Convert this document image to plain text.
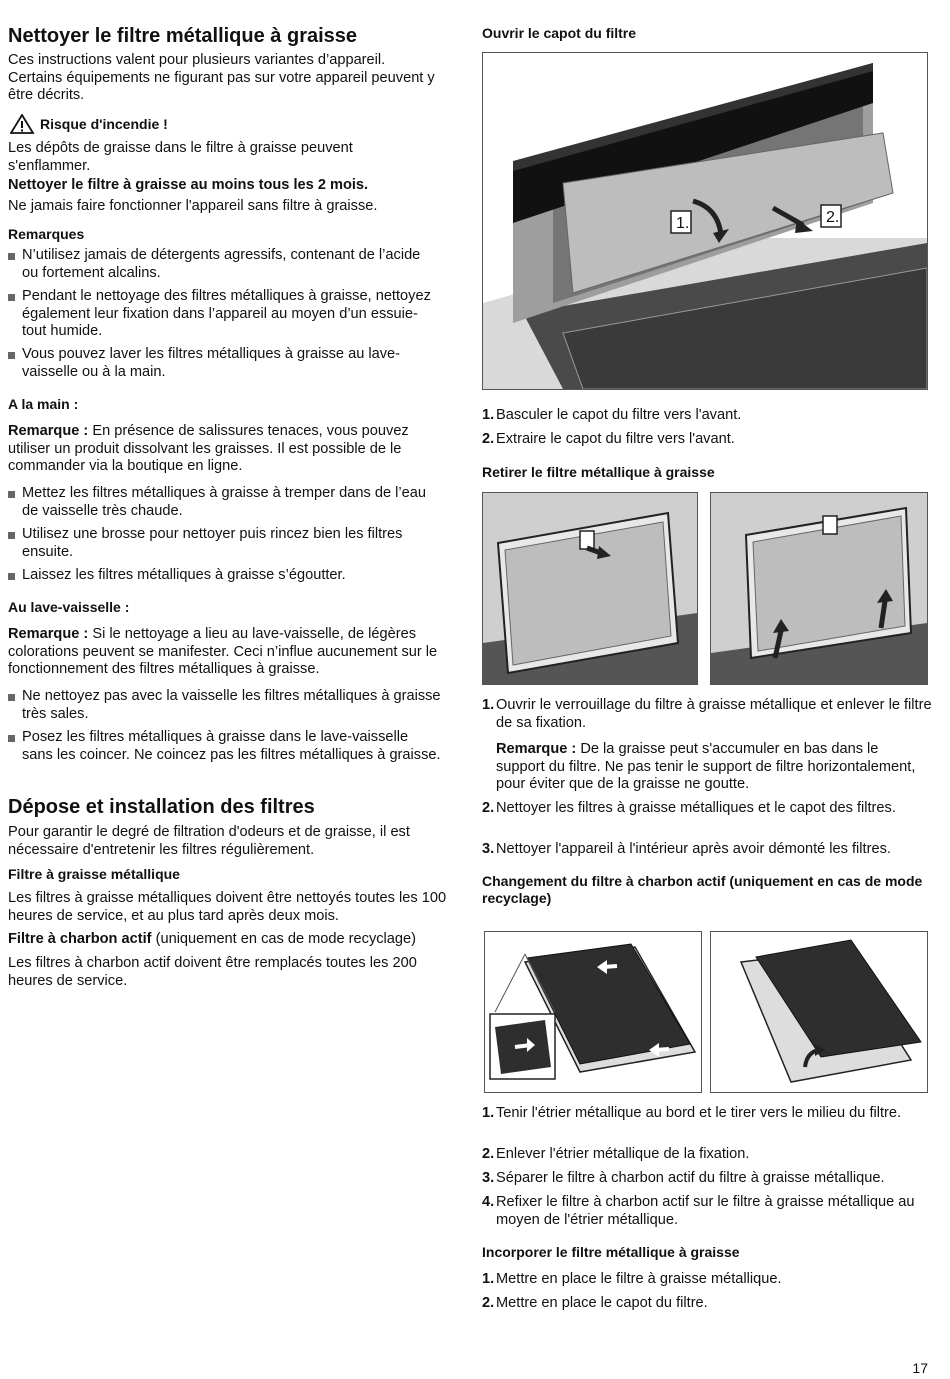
Nettoyer le filtre métallique à graisse

Ces instructions valent pour plusieurs variantes d’appareil. Certains équipements ne figurant pas sur votre appareil peuvent y être décrits.

Risque d'incendie !

Les dépôts de graisse dans le filtre à graisse peuvent s'enflammer.

Nettoyer le filtre à graisse au moins tous les 2 mois.

Ne jamais faire fonctionner l'appareil sans filtre à graisse.

Remarques

N’utilisez jamais de détergents agressifs, contenant de l’acide ou fortement alcalins.
Pendant le nettoyage des filtres métalliques à graisse, nettoyez également leur fixation dans l’appareil au moyen d’un essuie-tout humide.
Vous pouvez laver les filtres métalliques à graisse au lave-vaisselle ou à la main.

A la main :

Remarque : En présence de salissures tenaces, vous pouvez utiliser un produit dissolvant les graisses. Il est possible de le commander via la boutique en ligne.

Mettez les filtres métalliques à graisse à tremper dans de l’eau de vaisselle très chaude.
Utilisez une brosse pour nettoyer puis rincez bien les filtres ensuite.
Laissez les filtres métalliques à graisse s’égoutter.

Au lave-vaisselle :

Remarque : Si le nettoyage a lieu au lave-vaisselle, de légères colorations peuvent se manifester. Ceci n’influe aucunement sur le fonctionnement des filtres métalliques à graisse.

Ne nettoyez pas avec la vaisselle les filtres métalliques à graisse très sales.
Posez les filtres métalliques à graisse dans le lave-vaisselle sans les coincer. Ne coincez pas les filtres métalliques à graisse.
Dépose et installation des filtres

Pour garantir le degré de filtration d'odeurs et de graisse, il est nécessaire d'entretenir les filtres régulièrement.

Filtre à graisse métallique

Les filtres à graisse métalliques doivent être nettoyés toutes les 100 heures de service, et au plus tard après deux mois.

Filtre à charbon actif (uniquement en cas de mode recyclage)

Les filtres à charbon actif doivent être remplacés toutes les 200 heures de service.

Ouvrir le capot du filtre

1.	2.
1. Basculer le capot du filtre vers l'avant.
2. Extraire le capot du filtre vers l'avant.

Retirer le filtre métallique à graisse

1. Ouvrir le verrouillage du filtre à graisse métallique et enlever le filtre de sa fixation.

Remarque : De la graisse peut s'accumuler en bas dans le support du filtre. Ne pas tenir le support de filtre horizontalement, pour éviter que de la graisse ne goutte.

2. Nettoyer les filtres à graisse métalliques et le capot des filtres.
3. Nettoyer l'appareil à l'intérieur après avoir démonté les filtres.

Changement du filtre à charbon actif (uniquement en cas de mode recyclage)

1. Tenir l'étrier métallique au bord et le tirer vers le milieu du filtre.
2. Enlever l'étrier métallique de la fixation.
3. Séparer le filtre à charbon actif du filtre à graisse métallique.
4. Refixer le filtre à charbon actif sur le filtre à graisse métallique au moyen de l'étrier métallique.

Incorporer le filtre métallique à graisse

1. Mettre en place le filtre à graisse métallique.
2. Mettre en place le capot du filtre.
17
